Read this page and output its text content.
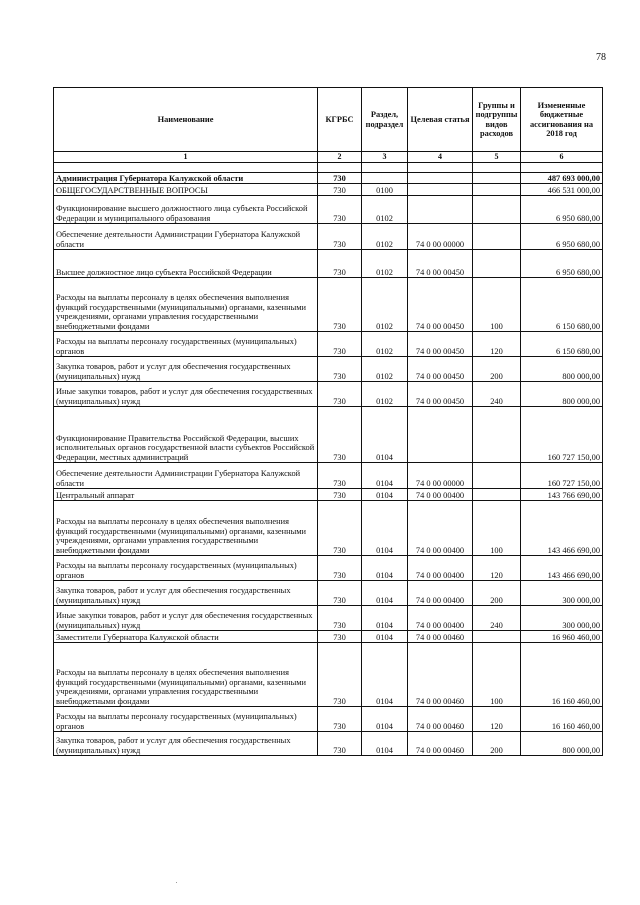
78
Наименование	КГРБС	Раздел, подраздел	Целевая статья	Группы и подгруппы видов расходов	Измененные бюджетные ассигнования на 2018 год
1	2	3	4	5	6

Администрация Губернатора Калужской области	730				487 693 000,00
ОБЩЕГОСУДАРСТВЕННЫЕ ВОПРОСЫ	730	0100			466 531 000,00
Функционирование высшего должностного лица субъекта Российской Федерации и муниципального образования	730	0102			6 950 680,00
Обеспечение деятельности Администрации Губернатора Калужской области	730	0102	74 0 00 00000		6 950 680,00
Высшее должностное лицо субъекта Российской Федерации	730	0102	74 0 00 00450		6 950 680,00
Расходы на выплаты персоналу в целях обеспечения выполнения функций государственными (муниципальными) органами, казенными учреждениями, органами управления государственными внебюджетными фондами	730	0102	74 0 00 00450	100	6 150 680,00
Расходы на выплаты персоналу государственных (муниципальных) органов	730	0102	74 0 00 00450	120	6 150 680,00
Закупка товаров, работ и услуг для обеспечения государственных (муниципальных) нужд	730	0102	74 0 00 00450	200	800 000,00
Иные закупки товаров, работ и услуг для обеспечения государственных (муниципальных) нужд	730	0102	74 0 00 00450	240	800 000,00
Функционирование Правительства Российской Федерации, высших исполнительных органов государственной власти субъектов Российской Федерации, местных администраций	730	0104			160 727 150,00
Обеспечение деятельности Администрации Губернатора Калужской области	730	0104	74 0 00 00000		160 727 150,00
Центральный аппарат	730	0104	74 0 00 00400		143 766 690,00
Расходы на выплаты персоналу в целях обеспечения выполнения функций государственными (муниципальными) органами, казенными учреждениями, органами управления государственными внебюджетными фондами	730	0104	74 0 00 00400	100	143 466 690,00
Расходы на выплаты персоналу государственных (муниципальных) органов	730	0104	74 0 00 00400	120	143 466 690,00
Закупка товаров, работ и услуг для обеспечения государственных (муниципальных) нужд	730	0104	74 0 00 00400	200	300 000,00
Иные закупки товаров, работ и услуг для обеспечения государственных (муниципальных) нужд	730	0104	74 0 00 00400	240	300 000,00
Заместители Губернатора Калужской области	730	0104	74 0 00 00460		16 960 460,00
Расходы на выплаты персоналу в целях обеспечения выполнения функций государственными (муниципальными) органами, казенными учреждениями, органами управления государственными внебюджетными фондами	730	0104	74 0 00 00460	100	16 160 460,00
Расходы на выплаты персоналу государственных (муниципальных) органов	730	0104	74 0 00 00460	120	16 160 460,00
Закупка товаров, работ и услуг для обеспечения государственных (муниципальных) нужд	730	0104	74 0 00 00460	200	800 000,00
